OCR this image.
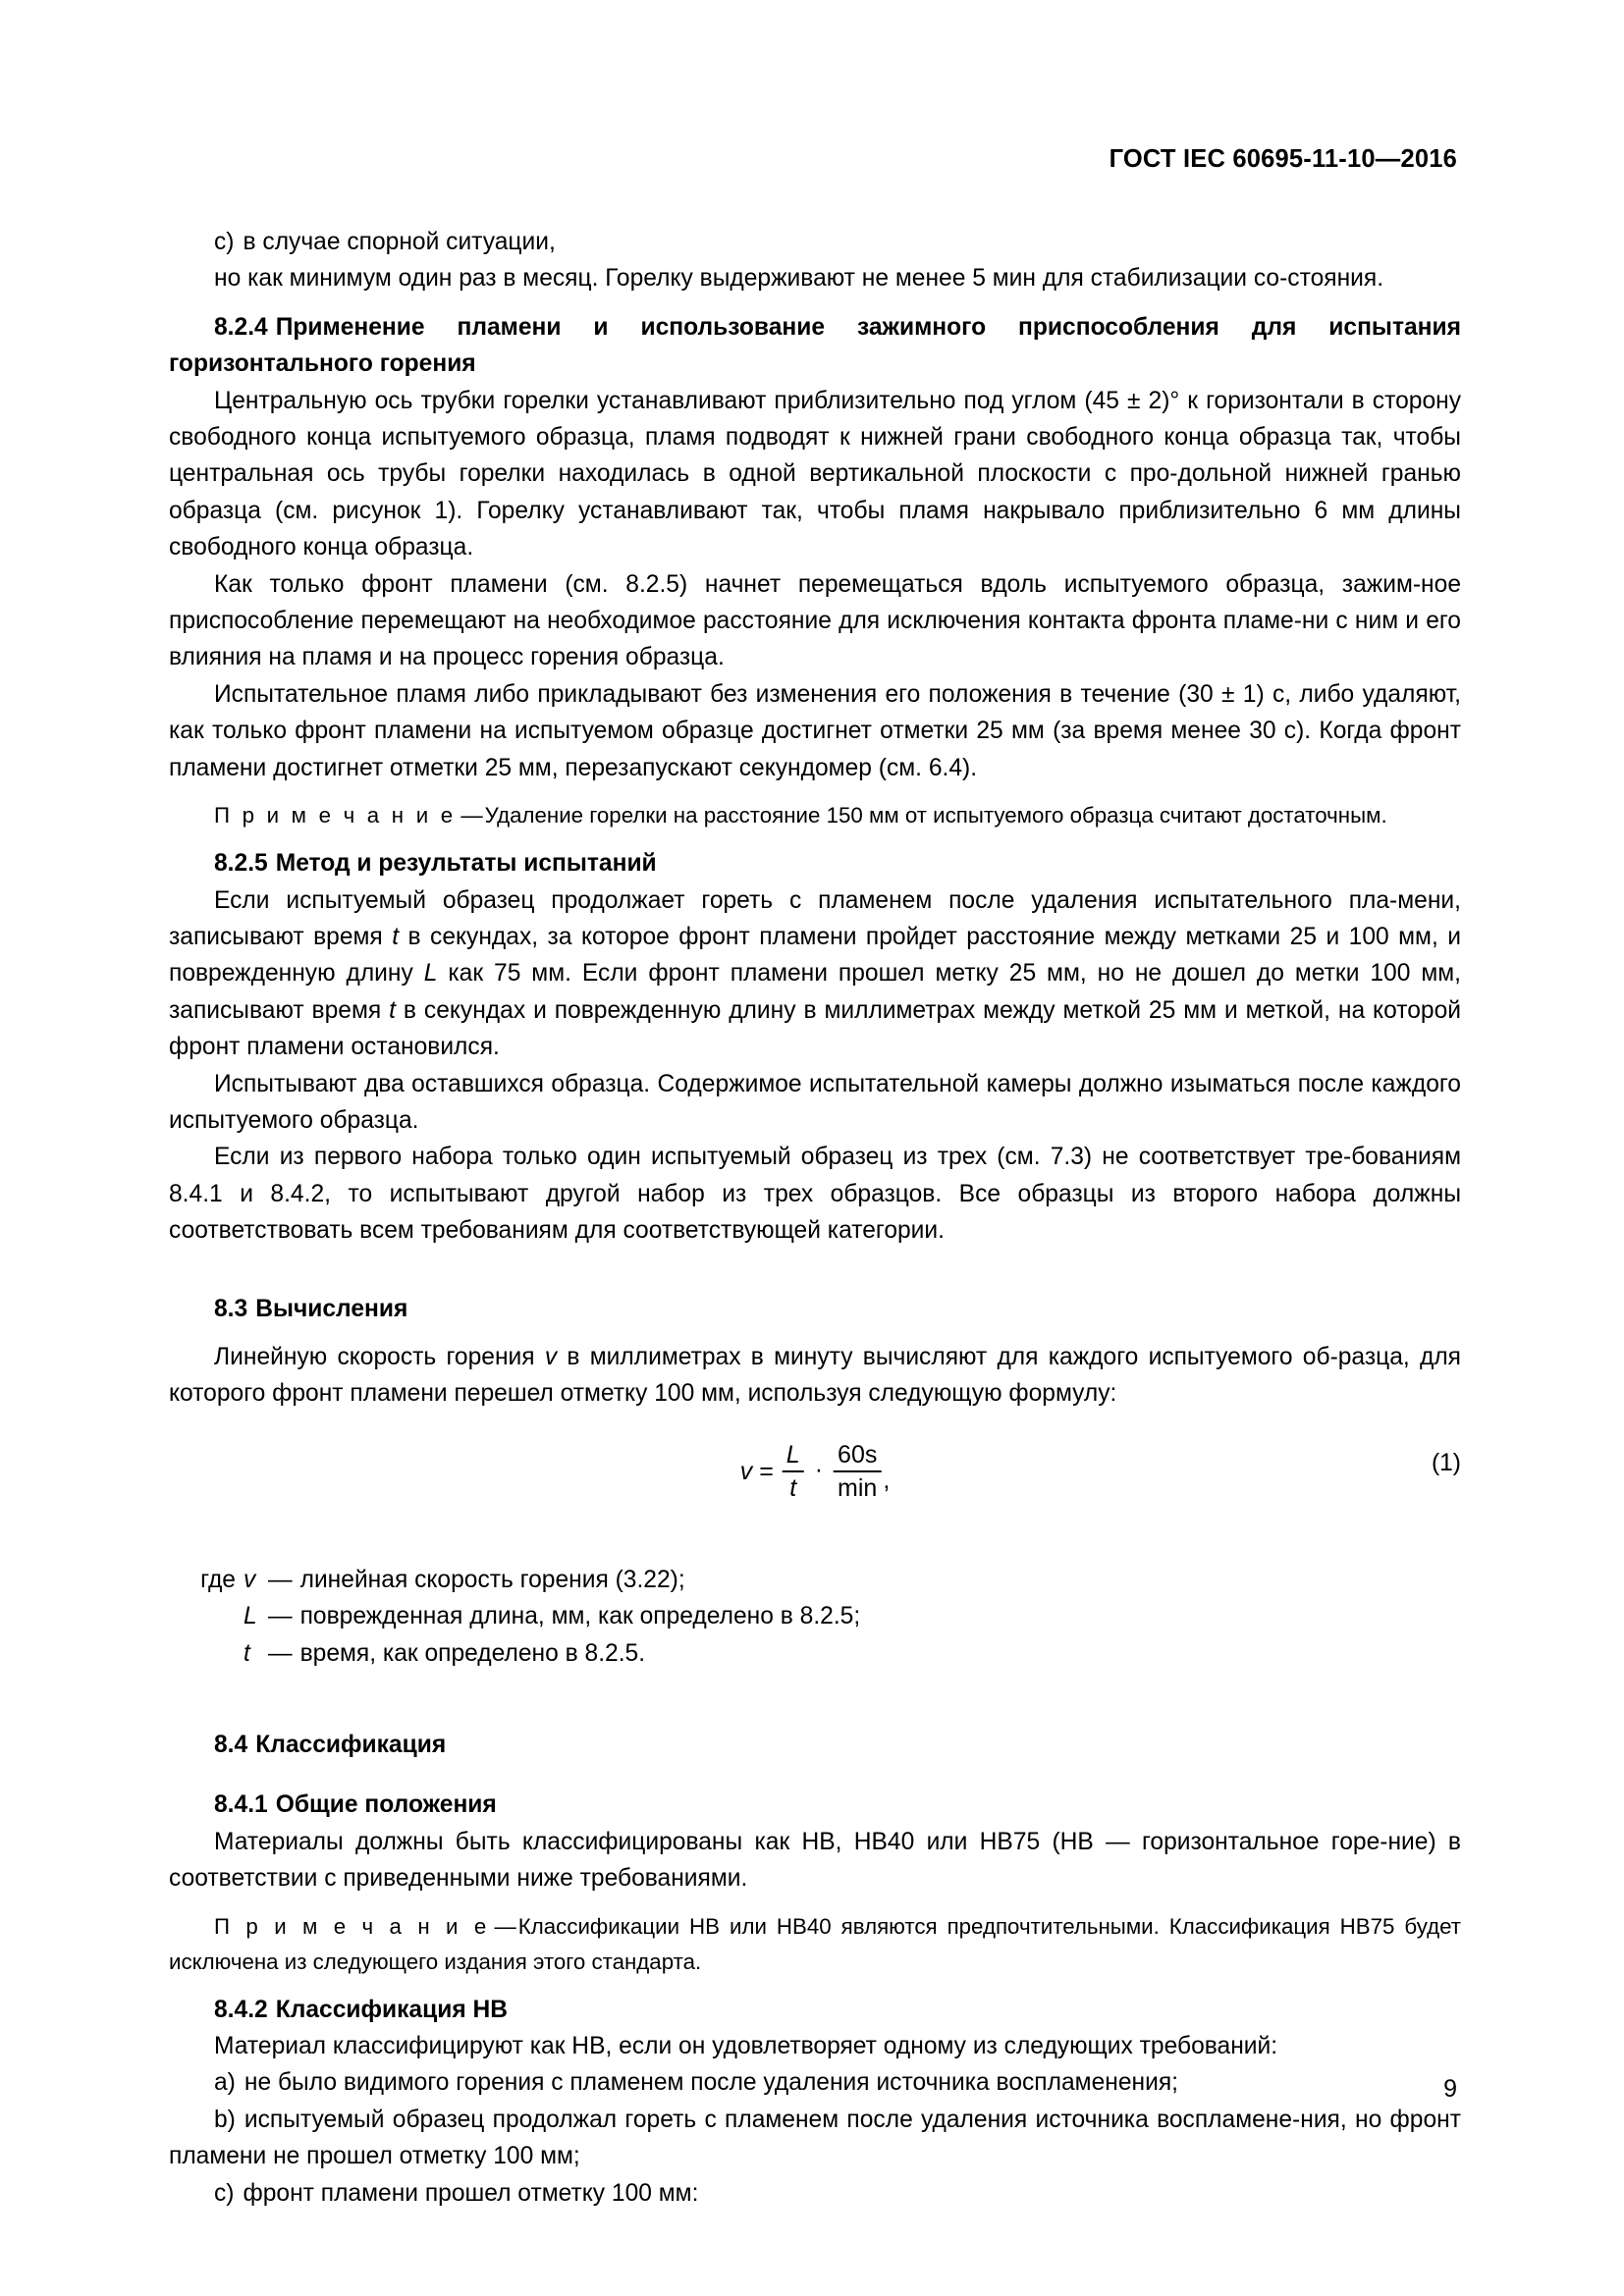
ГОСТ IEC 60695-11-10—2016

c) в случае спорной ситуации,

но как минимум один раз в месяц. Горелку выдерживают не менее 5 мин для стабилизации со-стояния.

8.2.4 Применение пламени и использование зажимного приспособления для испытания горизонтального горения

Центральную ось трубки горелки устанавливают приблизительно под углом (45 ± 2)° к горизонтали в сторону свободного конца испытуемого образца, пламя подводят к нижней грани свободного конца образца так, чтобы центральная ось трубы горелки находилась в одной вертикальной плоскости с про-дольной нижней гранью образца (см. рисунок 1). Горелку устанавливают так, чтобы пламя накрывало приблизительно 6 мм длины свободного конца образца.

Как только фронт пламени (см. 8.2.5) начнет перемещаться вдоль испытуемого образца, зажим-ное приспособление перемещают на необходимое расстояние для исключения контакта фронта пламе-ни с ним и его влияния на пламя и на процесс горения образца.

Испытательное пламя либо прикладывают без изменения его положения в течение (30 ± 1) с, либо удаляют, как только фронт пламени на испытуемом образце достигнет отметки 25 мм (за время менее 30 с). Когда фронт пламени достигнет отметки 25 мм, перезапускают секундомер (см. 6.4).

П р и м е ч а н и е —Удаление горелки на расстояние 150 мм от испытуемого образца считают достаточным.

8.2.5 Метод и результаты испытаний

Если испытуемый образец продолжает гореть с пламенем после удаления испытательного пла-мени, записывают время t в секундах, за которое фронт пламени пройдет расстояние между метками 25 и 100 мм, и поврежденную длину L как 75 мм. Если фронт пламени прошел метку 25 мм, но не дошел до метки 100 мм, записывают время t в секундах и поврежденную длину в миллиметрах между меткой 25 мм и меткой, на которой фронт пламени остановился.

Испытывают два оставшихся образца. Содержимое испытательной камеры должно изыматься после каждого испытуемого образца.

Если из первого набора только один испытуемый образец из трех (см. 7.3) не соответствует тре-бованиям 8.4.1 и 8.4.2, то испытывают другой набор из трех образцов. Все образцы из второго набора должны соответствовать всем требованиям для соответствующей категории.

8.3 Вычисления

Линейную скорость горения v в миллиметрах в минуту вычисляют для каждого испытуемого об-разца, для которого фронт пламени перешел отметку 100 мм, используя следующую формулу:

$v = \frac{L}{t} \cdot \frac{60s}{\min}$ ,
(1)
где v — линейная скорость горения (3.22);
L — поврежденная длина, мм, как определено в 8.2.5;
t — время, как определено в 8.2.5.
8.4 Классификация
8.4.1 Общие положения

Материалы должны быть классифицированы как HB, HB40 или HB75 (HB — горизонтальное горе-ние) в соответствии с приведенными ниже требованиями.

П р и м е ч а н и е —Классификации HB или HB40 являются предпочтительными. Классификация HB75 будет исключена из следующего издания этого стандарта.

8.4.2 Классификация HB

Материал классифицируют как HB, если он удовлетворяет одному из следующих требований:

a) не было видимого горения с пламенем после удаления источника воспламенения;

b) испытуемый образец продолжал гореть с пламенем после удаления источника воспламене-ния, но фронт пламени не прошел отметку 100 мм;

c) фронт пламени прошел отметку 100 мм:

9
